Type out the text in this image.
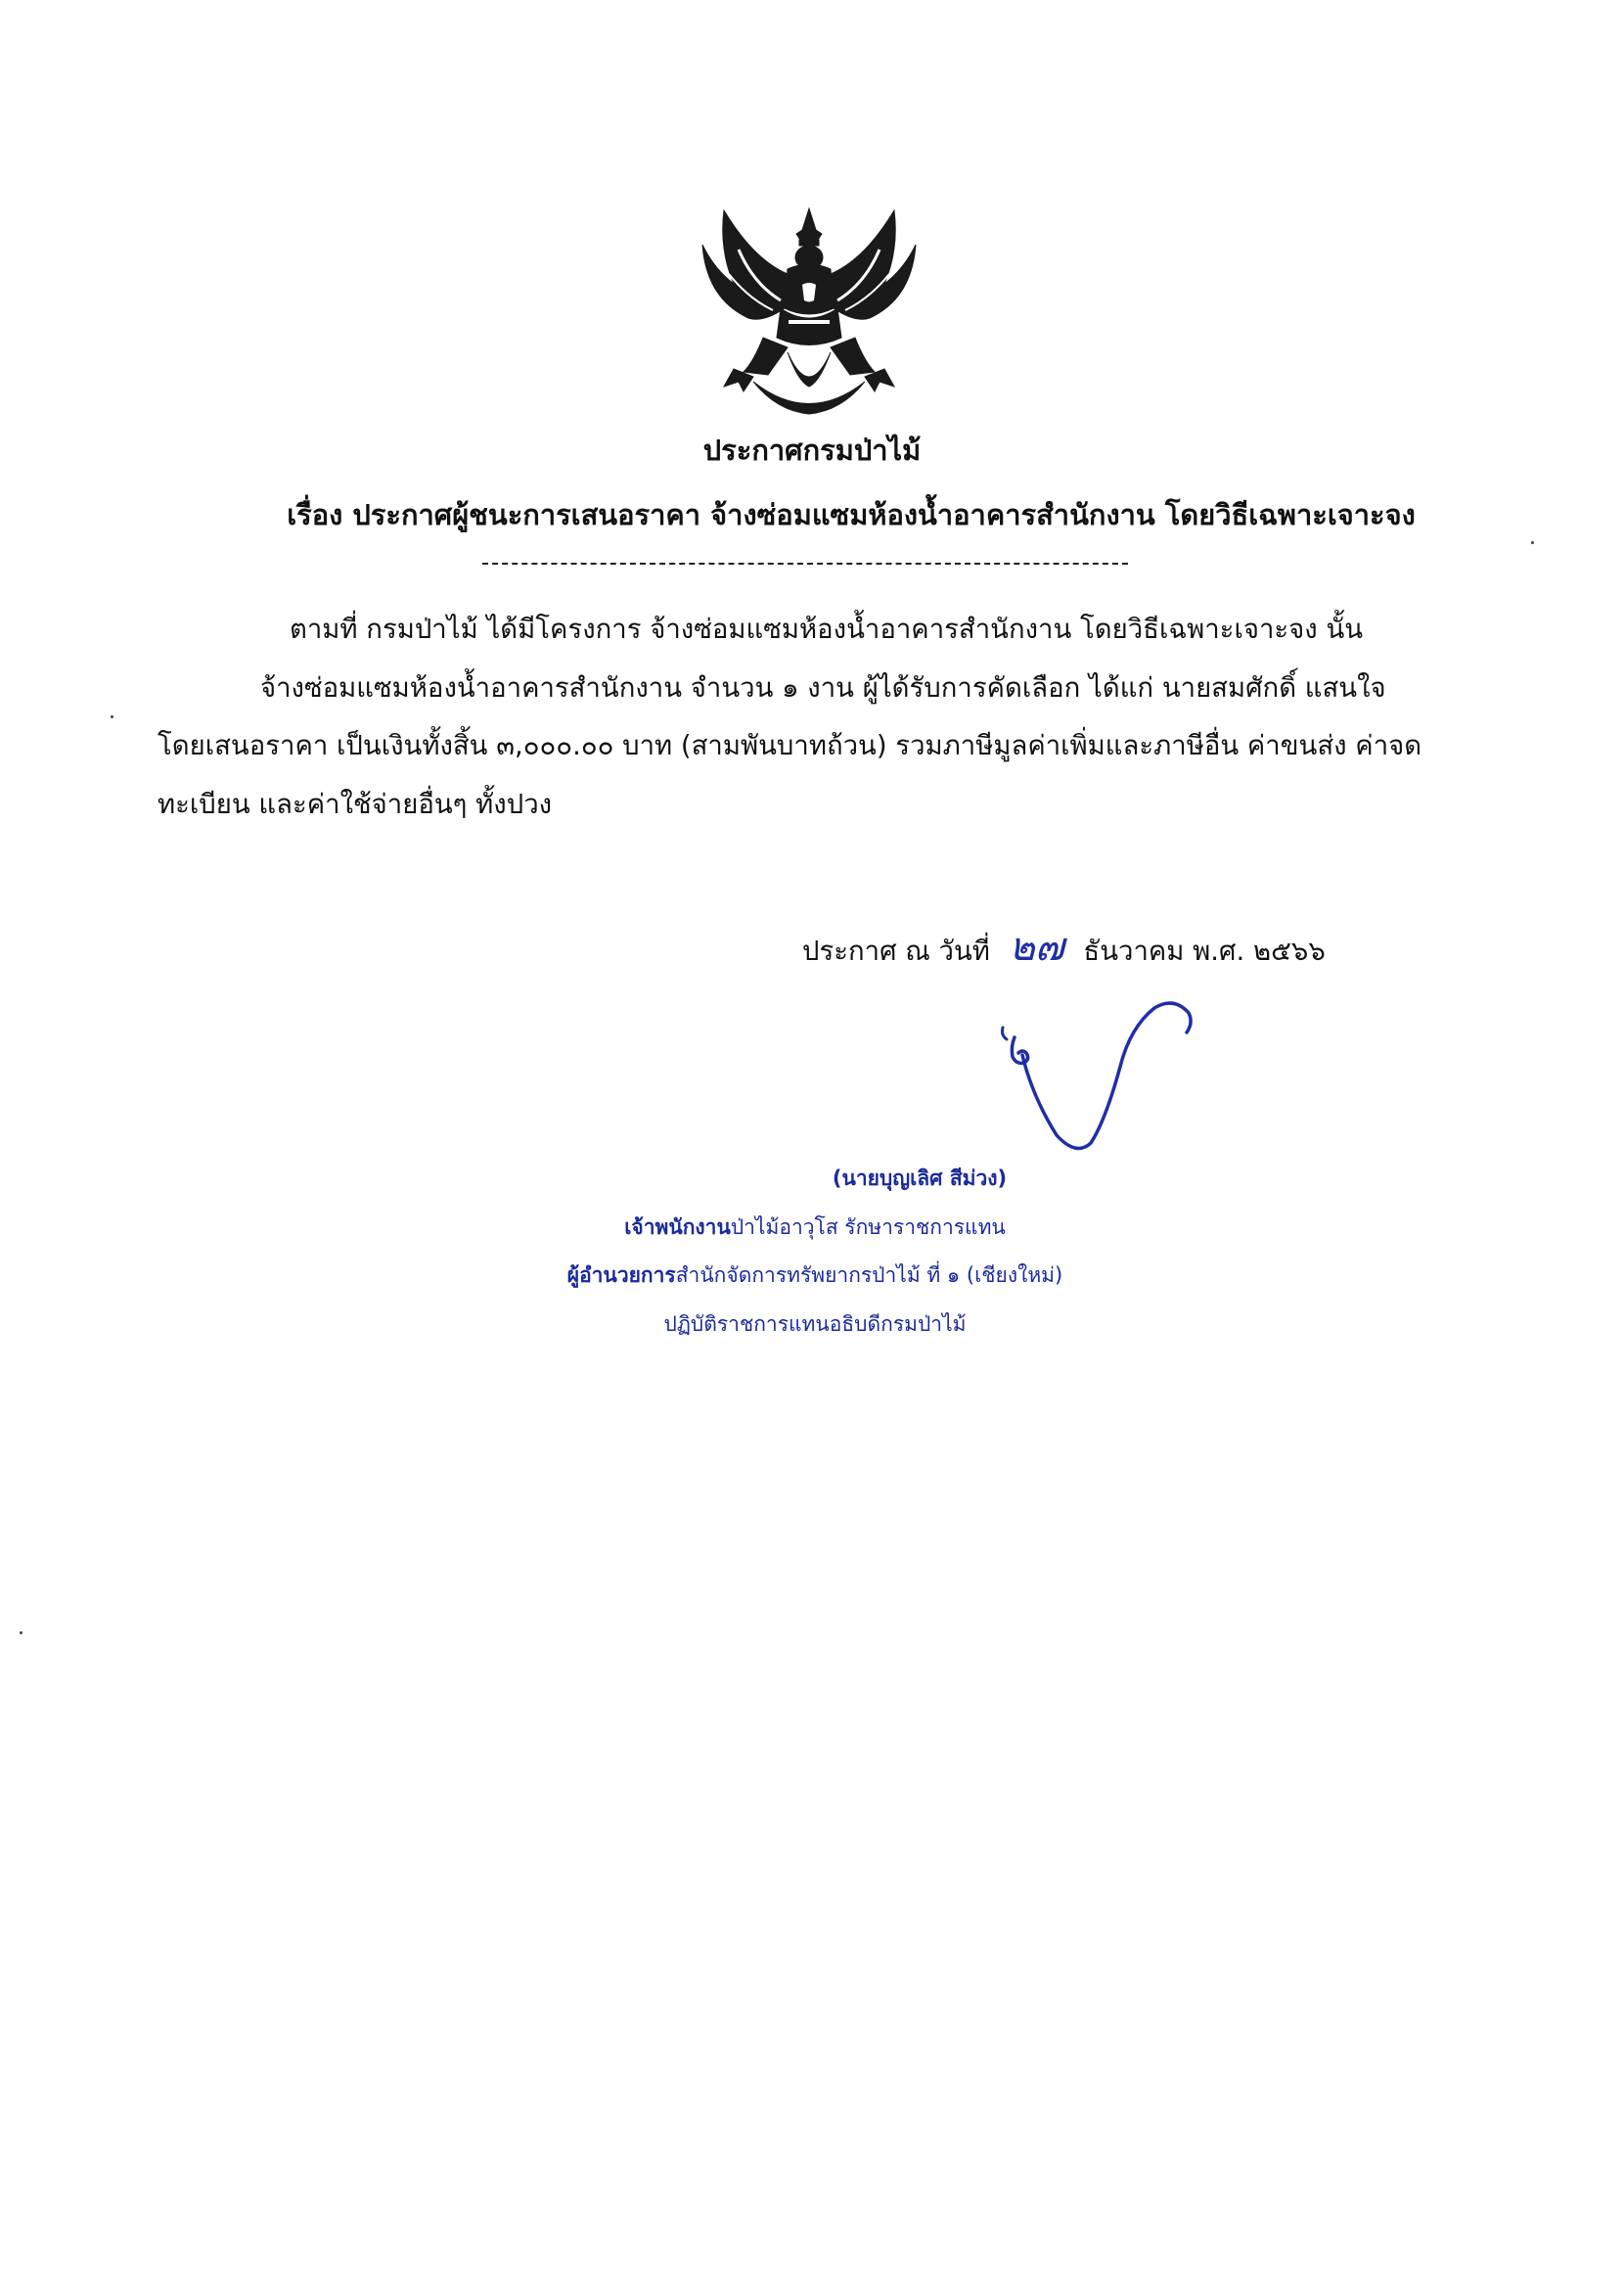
ประกาศกรมป่าไม้
เรื่อง ประกาศผู้ชนะการเสนอราคา จ้างซ่อมแซมห้องน้ำอาคารสำนักงาน โดยวิธีเฉพาะเจาะจง
ตามที่ กรมป่าไม้ ได้มีโครงการ จ้างซ่อมแซมห้องน้ำอาคารสำนักงาน โดยวิธีเฉพาะเจาะจง นั้น
จ้างซ่อมแซมห้องน้ำอาคารสำนักงาน จำนวน ๑ งาน ผู้ได้รับการคัดเลือก ได้แก่ นายสมศักดิ์ แสนใจ
โดยเสนอราคา เป็นเงินทั้งสิ้น ๓,๐๐๐.๐๐ บาท (สามพันบาทถ้วน) รวมภาษีมูลค่าเพิ่มและภาษีอื่น ค่าขนส่ง ค่าจด
ทะเบียน และค่าใช้จ่ายอื่นๆ ทั้งปวง
ประกาศ ณ วันที่ ๒๗ ธันวาคม พ.ศ. ๒๕๖๖
(นายบุญเลิศ สีม่วง)
เจ้าพนักงานป่าไม้อาวุโส รักษาราชการแทน
ผู้อำนวยการสำนักจัดการทรัพยากรป่าไม้ ที่ ๑ (เชียงใหม่)
ปฏิบัติราชการแทนอธิบดีกรมป่าไม้
